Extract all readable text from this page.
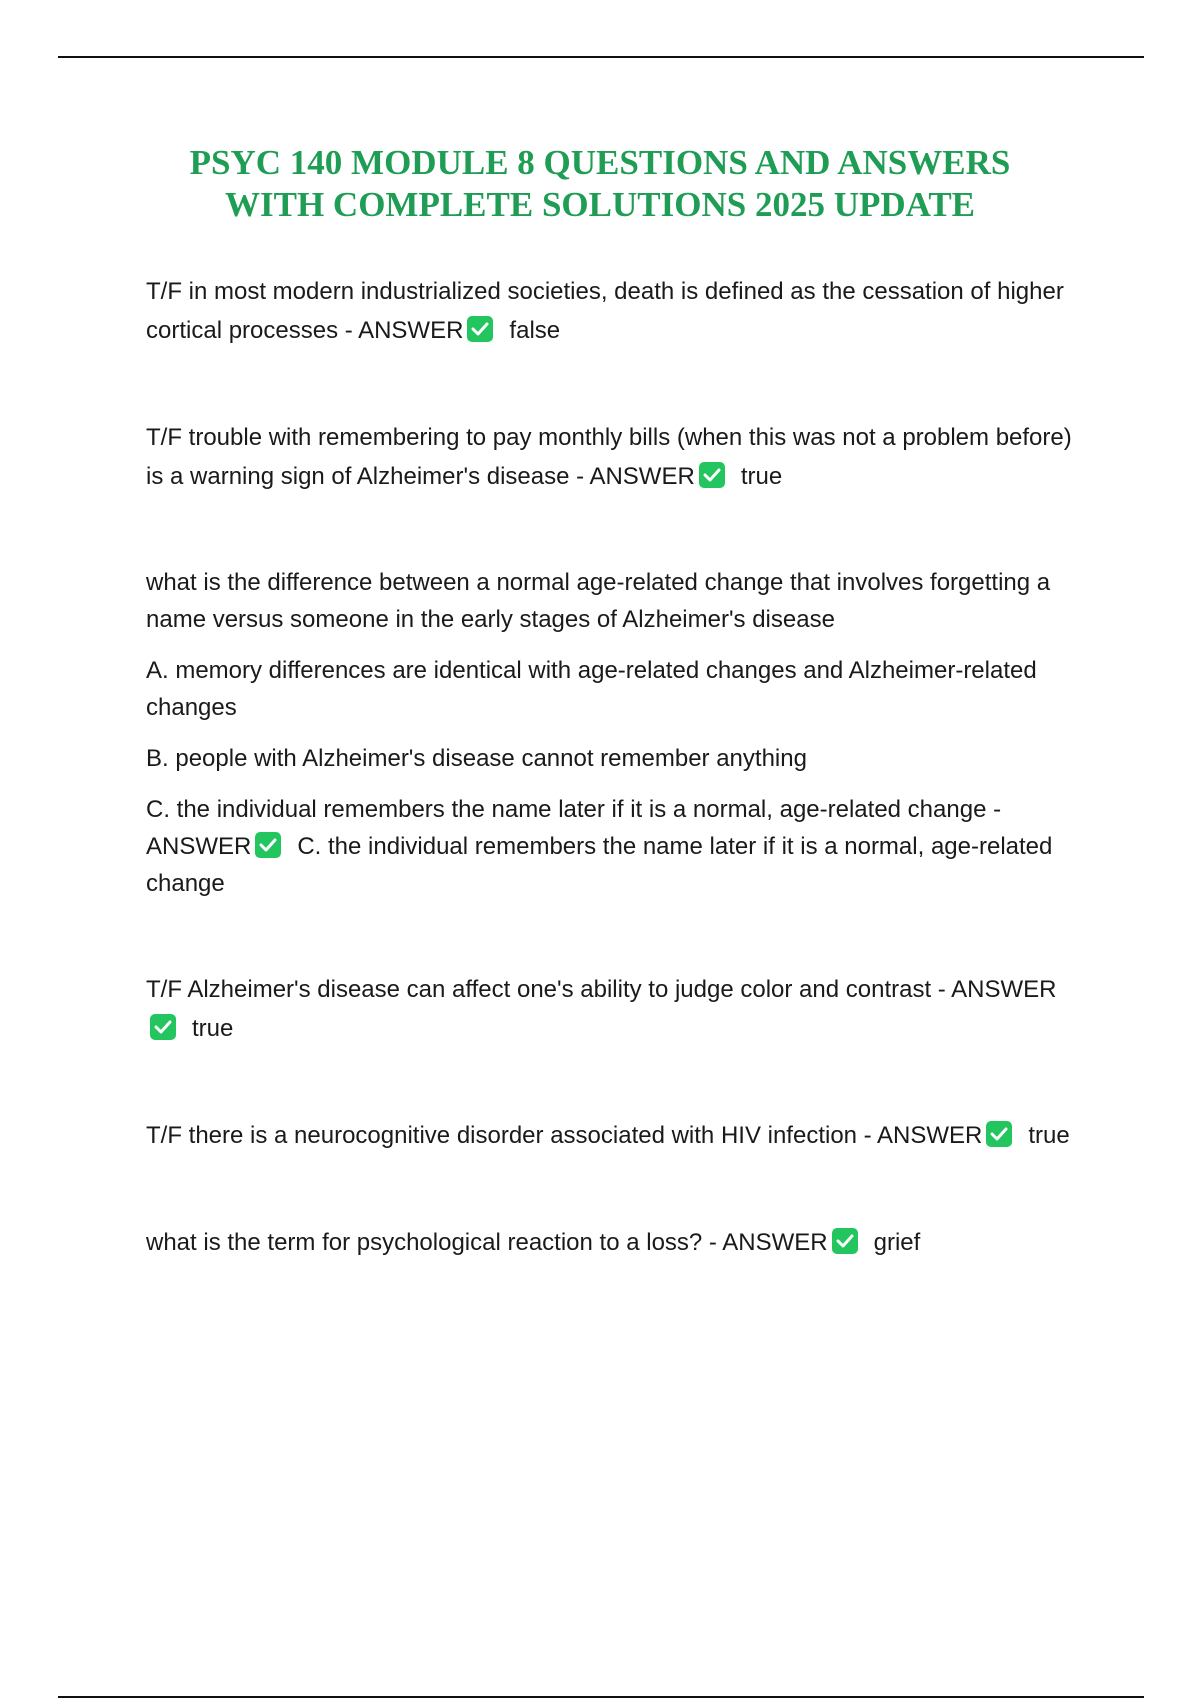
PSYC 140 MODULE 8 QUESTIONS AND ANSWERS
WITH COMPLETE SOLUTIONS 2025 UPDATE

T/F in most modern industrialized societies, death is defined as the cessation of higher cortical processes - ANSWER false

T/F trouble with remembering to pay monthly bills (when this was not a problem before) is a warning sign of Alzheimer's disease - ANSWER true

what is the difference between a normal age-related change that involves forgetting a name versus someone in the early stages of Alzheimer's disease

A. memory differences are identical with age-related changes and Alzheimer-related changes

B. people with Alzheimer's disease cannot remember anything

C. the individual remembers the name later if it is a normal, age-related change - ANSWER C. the individual remembers the name later if it is a normal, age-related change

T/F Alzheimer's disease can affect one's ability to judge color and contrast - ANSWER
true

T/F there is a neurocognitive disorder associated with HIV infection - ANSWER true

what is the term for psychological reaction to a loss? - ANSWER grief
